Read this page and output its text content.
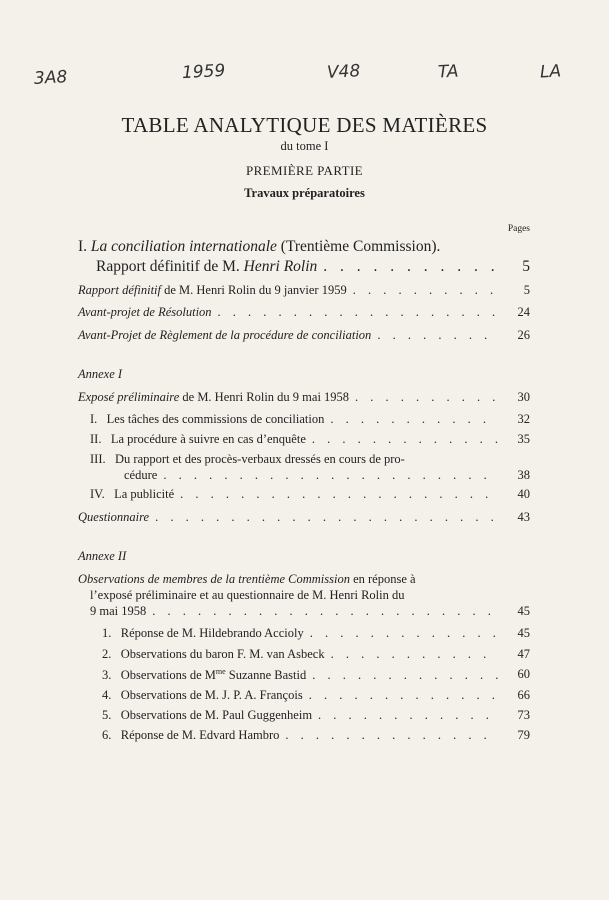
3A8	1959	V48	TA	LA
TABLE ANALYTIQUE DES MATIÈRES
du tome I
PREMIÈRE PARTIE
Travaux préparatoires
Pages
I. La conciliation internationale (Trentième Commission).
Rapport définitif de M. Henri Rolin . . .	5
Rapport définitif de M. Henri Rolin du 9 janvier 1959 . . .	5
Avant-projet de Résolution . . .	24
Avant-Projet de Règlement de la procédure de conciliation . . .	26
Annexe I
Exposé préliminaire de M. Henri Rolin du 9 mai 1958 . . .	30
I. Les tâches des commissions de conciliation . . .	32
II. La procédure à suivre en cas d’enquête . . .	35
III. Du rapport et des procès-verbaux dressés en cours de pro-
cédure . . .	38
IV. La publicité . . .	40
Questionnaire . . .	43
Annexe II
Observations de membres de la trentième Commission en réponse à
l’exposé préliminaire et au questionnaire de M. Henri Rolin du
9 mai 1958 . . .	45
1. Réponse de M. Hildebrando Accioly . . .	45
2. Observations du baron F. M. van Asbeck . . .	47
3. Observations de $M^{me}$ Suzanne Bastid . . .	60
4. Observations de M. J. P. A. François . . .	66
5. Observations de M. Paul Guggenheim . . .	73
6. Réponse de M. Edvard Hambro . . .	79
